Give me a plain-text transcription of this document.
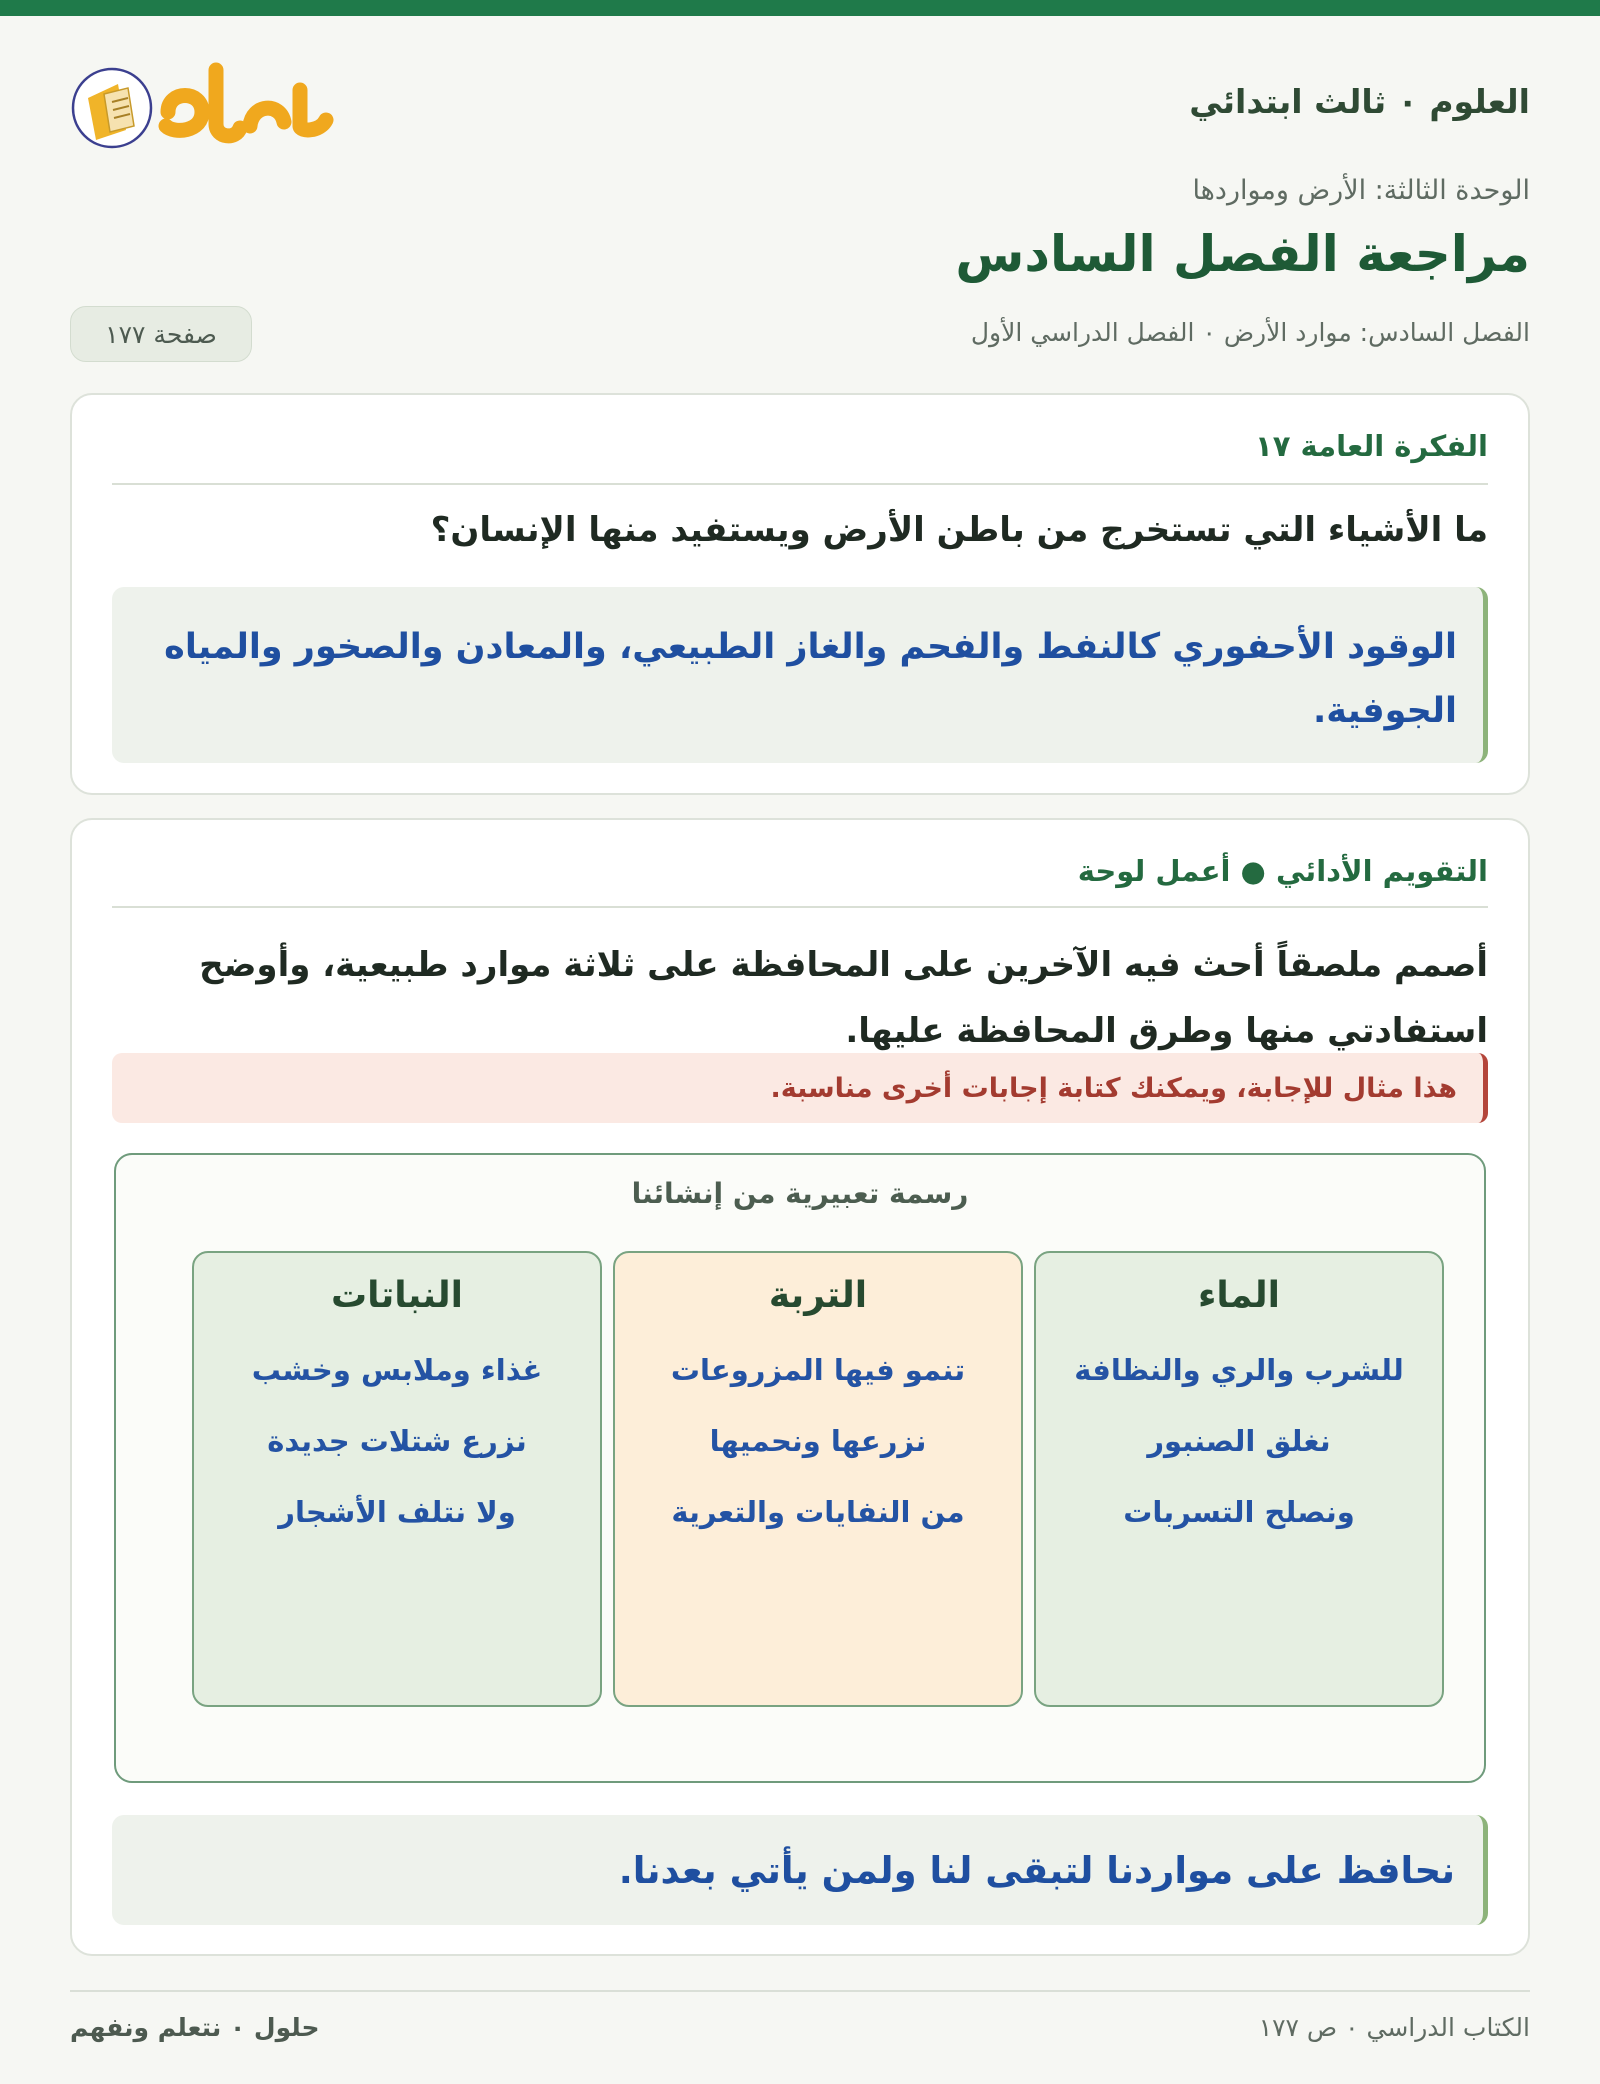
العلوم ۰ ثالث ابتدائي
الوحدة الثالثة: الأرض ومواردها
مراجعة الفصل السادس
الفصل السادس: موارد الأرض ۰ الفصل الدراسي الأول
صفحة ١٧٧
الفكرة العامة ١٧
ما الأشياء التي تستخرج من باطن الأرض ويستفيد منها الإنسان؟
الوقود الأحفوري كالنفط والفحم والغاز الطبيعي، والمعادن والصخور والمياه الجوفية.
التقويم الأدائي ● أعمل لوحة
أصمم ملصقاً أحث فيه الآخرين على المحافظة على ثلاثة موارد طبيعية، وأوضح استفادتي منها وطرق المحافظة عليها.
هذا مثال للإجابة، ويمكنك كتابة إجابات أخرى مناسبة.
رسمة تعبيرية من إنشائنا
الماء
للشرب والري والنظافة
نغلق الصنبور
ونصلح التسربات
التربة
تنمو فيها المزروعات
نزرعها ونحميها
من النفايات والتعرية
النباتات
غذاء وملابس وخشب
نزرع شتلات جديدة
ولا نتلف الأشجار
نحافظ على مواردنا لتبقى لنا ولمن يأتي بعدنا.
الكتاب الدراسي ۰ ص ١٧٧
حلول ۰ نتعلم ونفهم
